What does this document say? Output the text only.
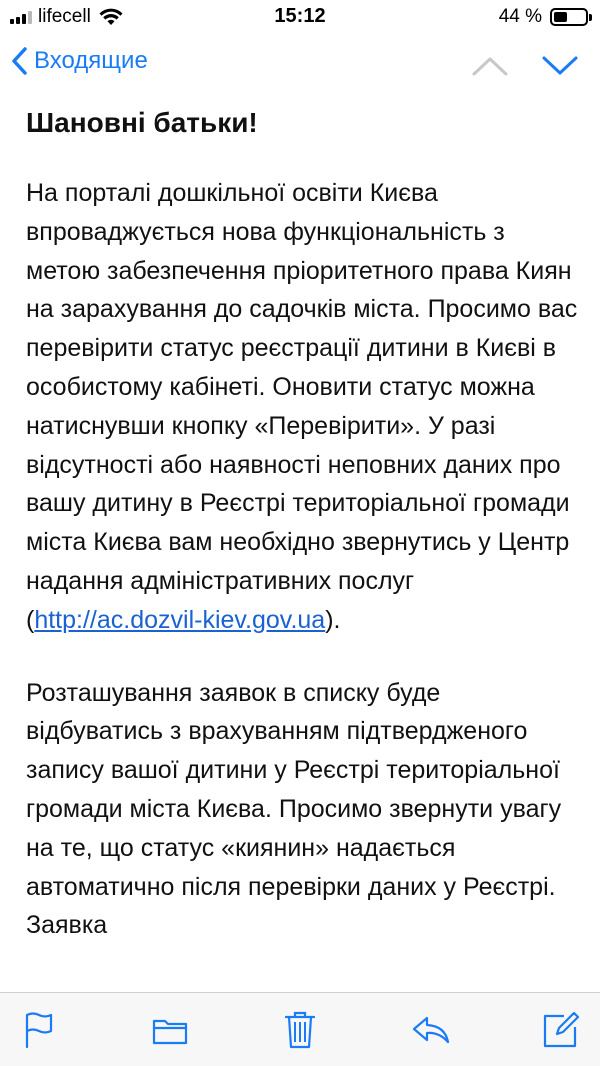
lifecell	15:12	44 %
Входящие
Шановні батьки!

На порталі дошкільної освіти Києва впроваджується нова функціональність з метою забезпечення пріоритетного права Киян на зарахування до садочків міста. Просимо вас перевірити статус реєстрації дитини в Києві в особистому кабінеті. Оновити статус можна натиснувши кнопку «Перевірити». У разі відсутності або наявності неповних даних про вашу дитину в Реєстрі територіальної громади міста Києва вам необхідно звернутись у Центр надання адміністративних послуг (http://ac.dozvil-kiev.gov.ua).

Розташування заявок в списку буде відбуватись з врахуванням підтвердженого запису вашої дитини у Реєстрі територіальної громади міста Києва. Просимо звернути увагу на те, що статус «киянин» надається автоматично після перевірки даних у Реєстрі. Заявка
